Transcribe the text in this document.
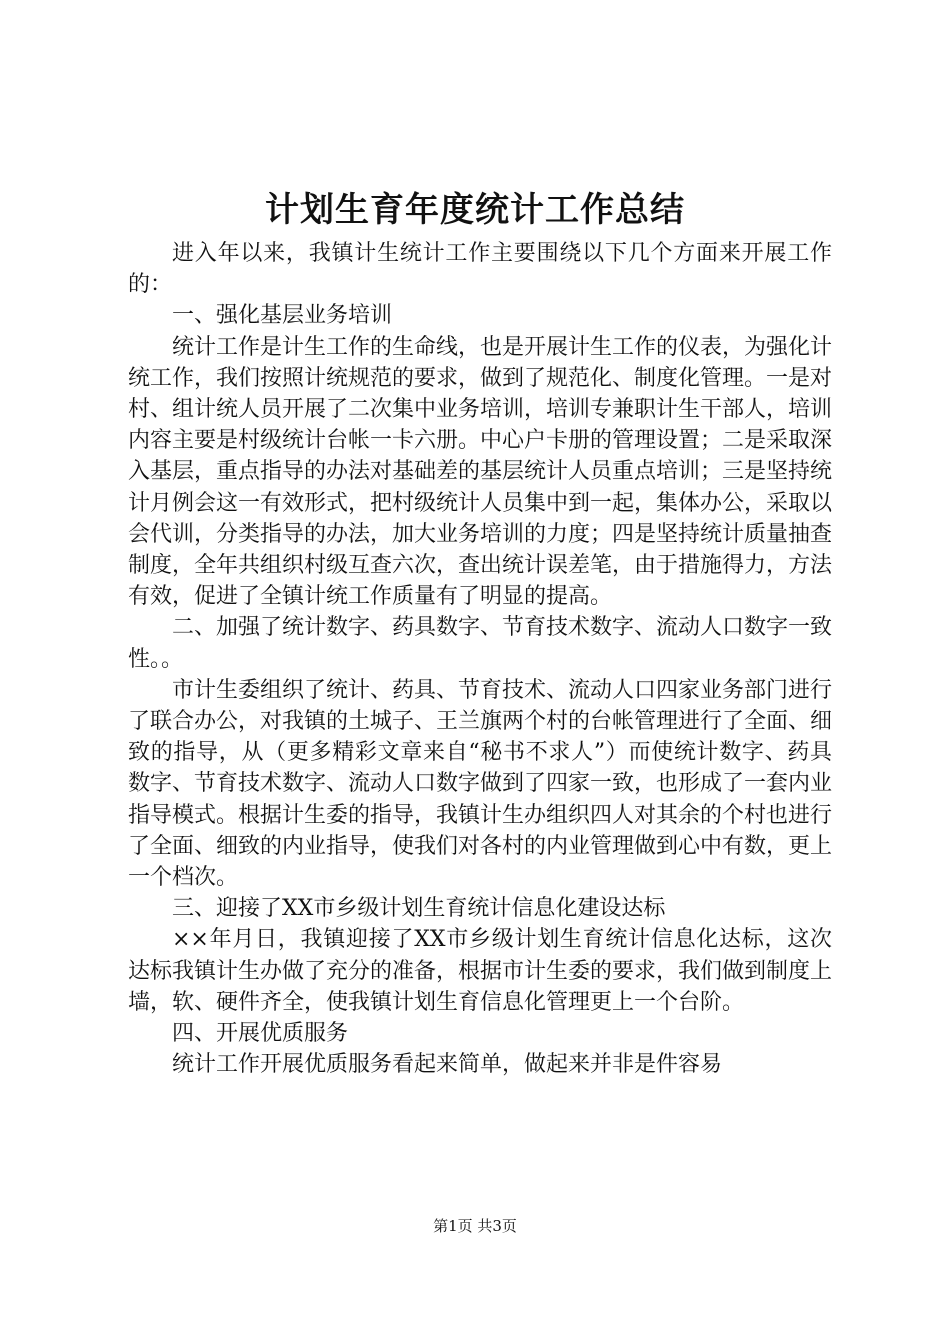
计划生育年度统计工作总结

进入年以来，我镇计生统计工作主要围绕以下几个方面来开展工作的：

一、强化基层业务培训

统计工作是计生工作的生命线，也是开展计生工作的仪表，为强化计统工作，我们按照计统规范的要求，做到了规范化、制度化管理。一是对村、组计统人员开展了二次集中业务培训，培训专兼职计生干部人，培训内容主要是村级统计台帐一卡六册。中心户卡册的管理设置；二是采取深入基层，重点指导的办法对基础差的基层统计人员重点培训；三是坚持统计月例会这一有效形式，把村级统计人员集中到一起，集体办公，采取以会代训，分类指导的办法，加大业务培训的力度；四是坚持统计质量抽查制度，全年共组织村级互查六次，查出统计误差笔，由于措施得力，方法有效，促进了全镇计统工作质量有了明显的提高。

二、加强了统计数字、药具数字、节育技术数字、流动人口数字一致性。。

市计生委组织了统计、药具、节育技术、流动人口四家业务部门进行了联合办公，对我镇的土城子、王兰旗两个村的台帐管理进行了全面、细致的指导，从（更多精彩文章来自“秘书不求人”）而使统计数字、药具数字、节育技术数字、流动人口数字做到了四家一致，也形成了一套内业指导模式。根据计生委的指导，我镇计生办组织四人对其余的个村也进行了全面、细致的内业指导，使我们对各村的内业管理做到心中有数，更上一个档次。

三、迎接了XX市乡级计划生育统计信息化建设达标

××年月日，我镇迎接了XX市乡级计划生育统计信息化达标，这次达标我镇计生办做了充分的准备，根据市计生委的要求，我们做到制度上墙，软、硬件齐全，使我镇计划生育信息化管理更上一个台阶。

四、开展优质服务

统计工作开展优质服务看起来简单，做起来并非是件容易

第1页 共3页
